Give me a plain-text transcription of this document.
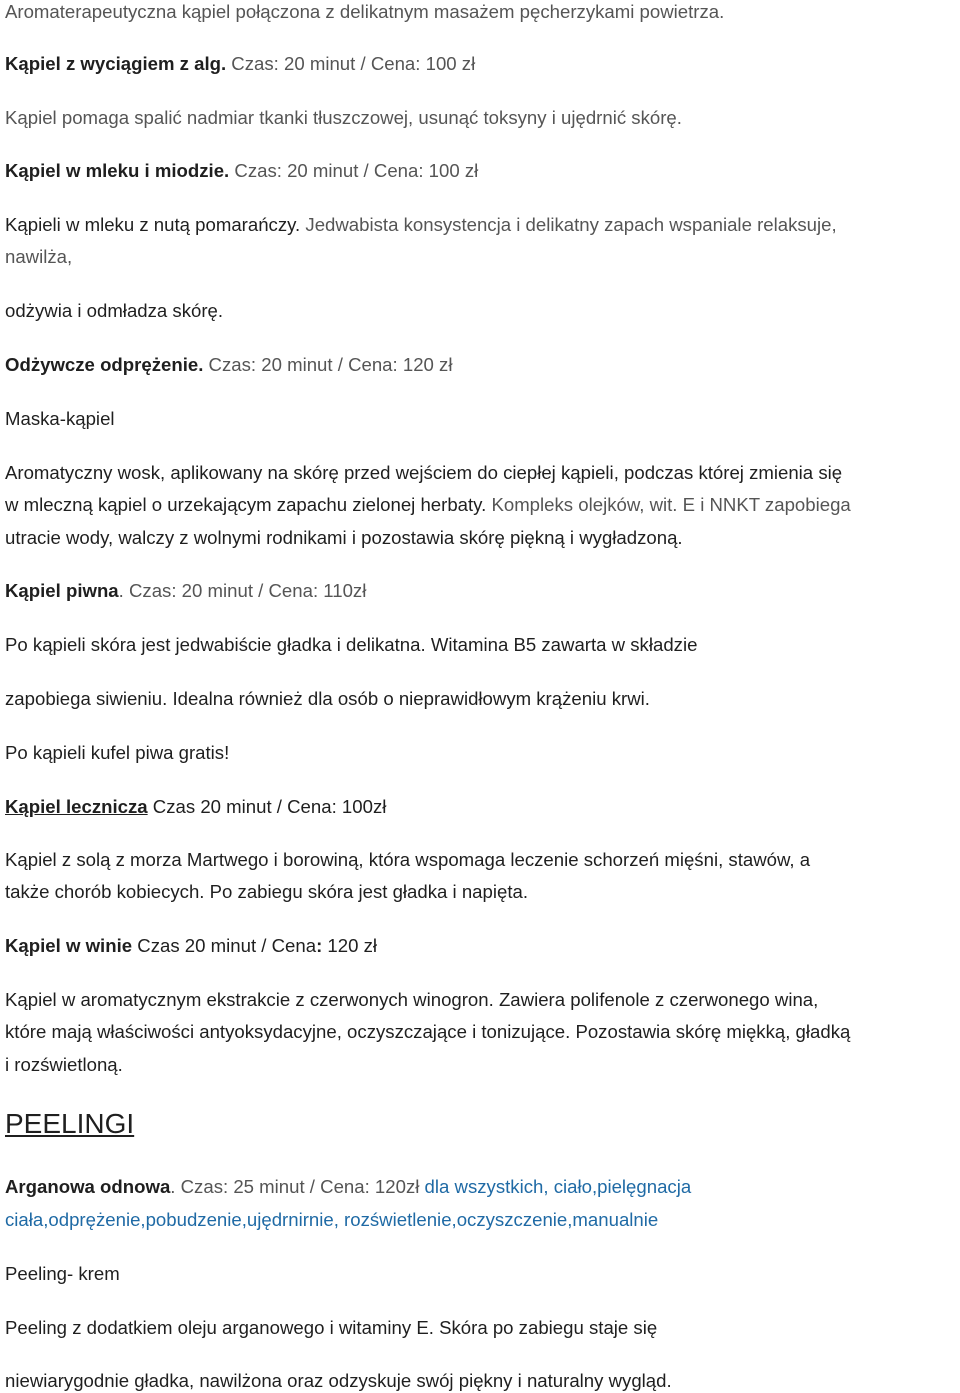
Aromaterapeutyczna kąpiel połączona z delikatnym masażem pęcherzykami powietrza.
Kąpiel z wyciągiem z alg. Czas: 20 minut / Cena: 100 zł
Kąpiel pomaga spalić nadmiar tkanki tłuszczowej, usunąć toksyny i ujędrnić skórę.
Kąpiel w mleku i miodzie. Czas: 20 minut / Cena: 100 zł
Kąpieli w mleku z nutą pomarańczy. Jedwabista konsystencja i delikatny zapach wspaniale relaksuje,
nawilża,
odżywia i odmładza skórę.
Odżywcze odprężenie. Czas: 20 minut / Cena: 120 zł
Maska-kąpiel
Aromatyczny wosk, aplikowany na skórę przed wejściem do ciepłej kąpieli, podczas której zmienia się
w mleczną kąpiel o urzekającym zapachu zielonej herbaty. Kompleks olejków, wit. E i NNKT zapobiega
utracie wody, walczy z wolnymi rodnikami i pozostawia skórę piękną i wygładzoną.
Kąpiel piwna. Czas: 20 minut / Cena: 110zł
Po kąpieli skóra jest jedwabiście gładka i delikatna. Witamina B5 zawarta w składzie
zapobiega siwieniu. Idealna również dla osób o nieprawidłowym krążeniu krwi.
Po kąpieli kufel piwa gratis!
Kąpiel lecznicza Czas 20 minut / Cena: 100zł
Kąpiel z solą z morza Martwego i borowiną, która wspomaga leczenie schorzeń mięśni, stawów, a
także chorób kobiecych. Po zabiegu skóra jest gładka i napięta.
Kąpiel w winie Czas 20 minut / Cena: 120 zł
Kąpiel w aromatycznym ekstrakcie z czerwonych winogron. Zawiera polifenole z czerwonego wina,
które mają właściwości antyoksydacyjne, oczyszczające i tonizujące. Pozostawia skórę miękką, gładką
i rozświetloną.
PEELINGI
Arganowa odnowa. Czas: 25 minut / Cena: 120zł dla wszystkich, ciało,pielęgnacja
ciała,odprężenie,pobudzenie,ujędrnirnie, rozświetlenie,oczyszczenie,manualnie
Peeling- krem
Peeling z dodatkiem oleju arganowego i witaminy E. Skóra po zabiegu staje się
niewiarygodnie gładka, nawilżona oraz odzyskuje swój piękny i naturalny wygląd.
